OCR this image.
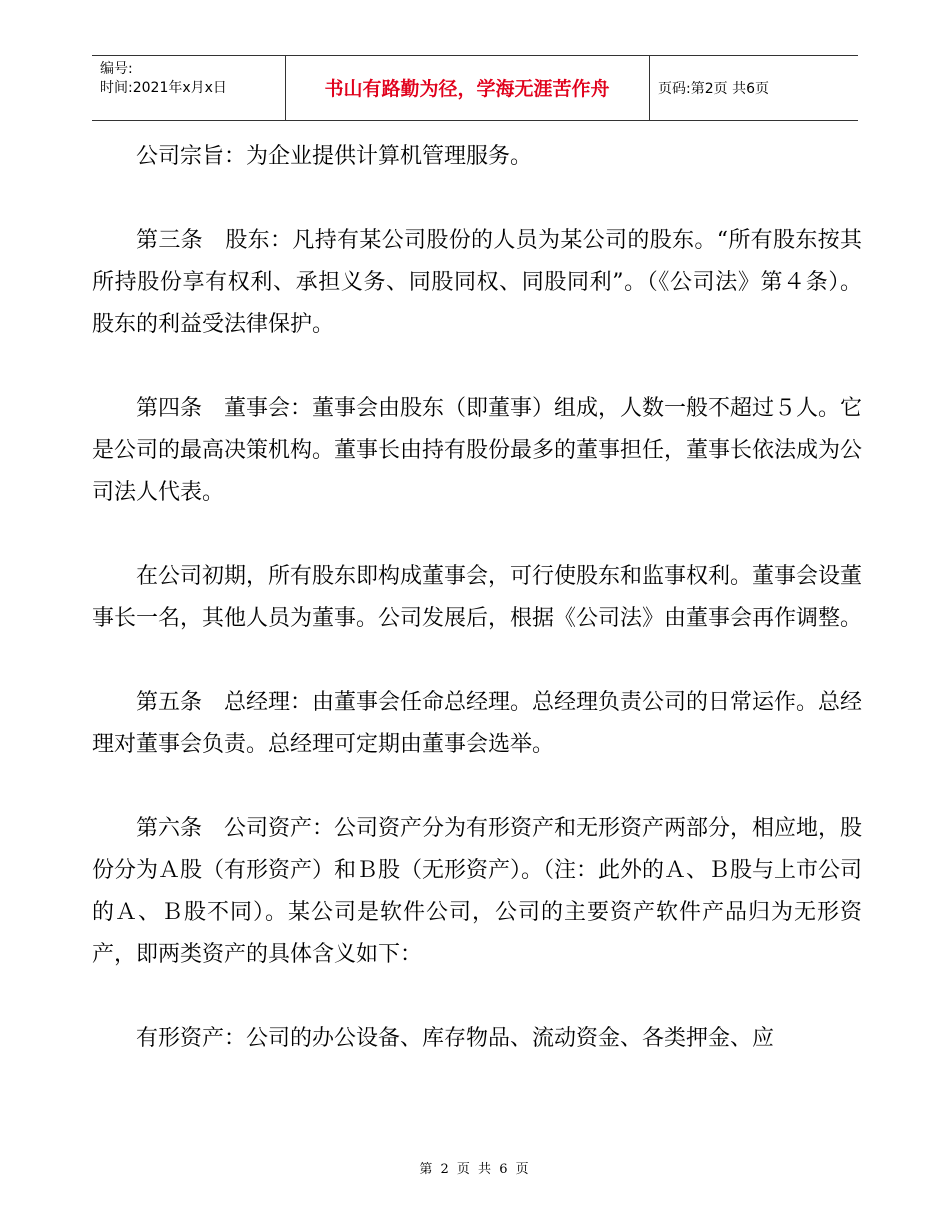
编号:
时间:2021年x月x日	书山有路勤为径，学海无涯苦作舟	页码:第2页 共6页

公司宗旨：为企业提供计算机管理服务。

第三条　股东：凡持有某公司股份的人员为某公司的股东。“所有股东按其所持股份享有权利、承担义务、同股同权、同股同利”。（《公司法》第４条）。股东的利益受法律保护。

第四条　董事会：董事会由股东（即董事）组成，人数一般不超过５人。它是公司的最高决策机构。董事长由持有股份最多的董事担任，董事长依法成为公司法人代表。

在公司初期，所有股东即构成董事会，可行使股东和监事权利。董事会设董事长一名，其他人员为董事。公司发展后，根据《公司法》由董事会再作调整。

第五条　总经理：由董事会任命总经理。总经理负责公司的日常运作。总经理对董事会负责。总经理可定期由董事会选举。

第六条　公司资产：公司资产分为有形资产和无形资产两部分，相应地，股份分为Ａ股（有形资产）和Ｂ股（无形资产）。（注：此外的Ａ、Ｂ股与上市公司的Ａ、Ｂ股不同）。某公司是软件公司，公司的主要资产软件产品归为无形资产，即两类资产的具体含义如下：

有形资产：公司的办公设备、库存物品、流动资金、各类押金、应

第 2 页 共 6 页
